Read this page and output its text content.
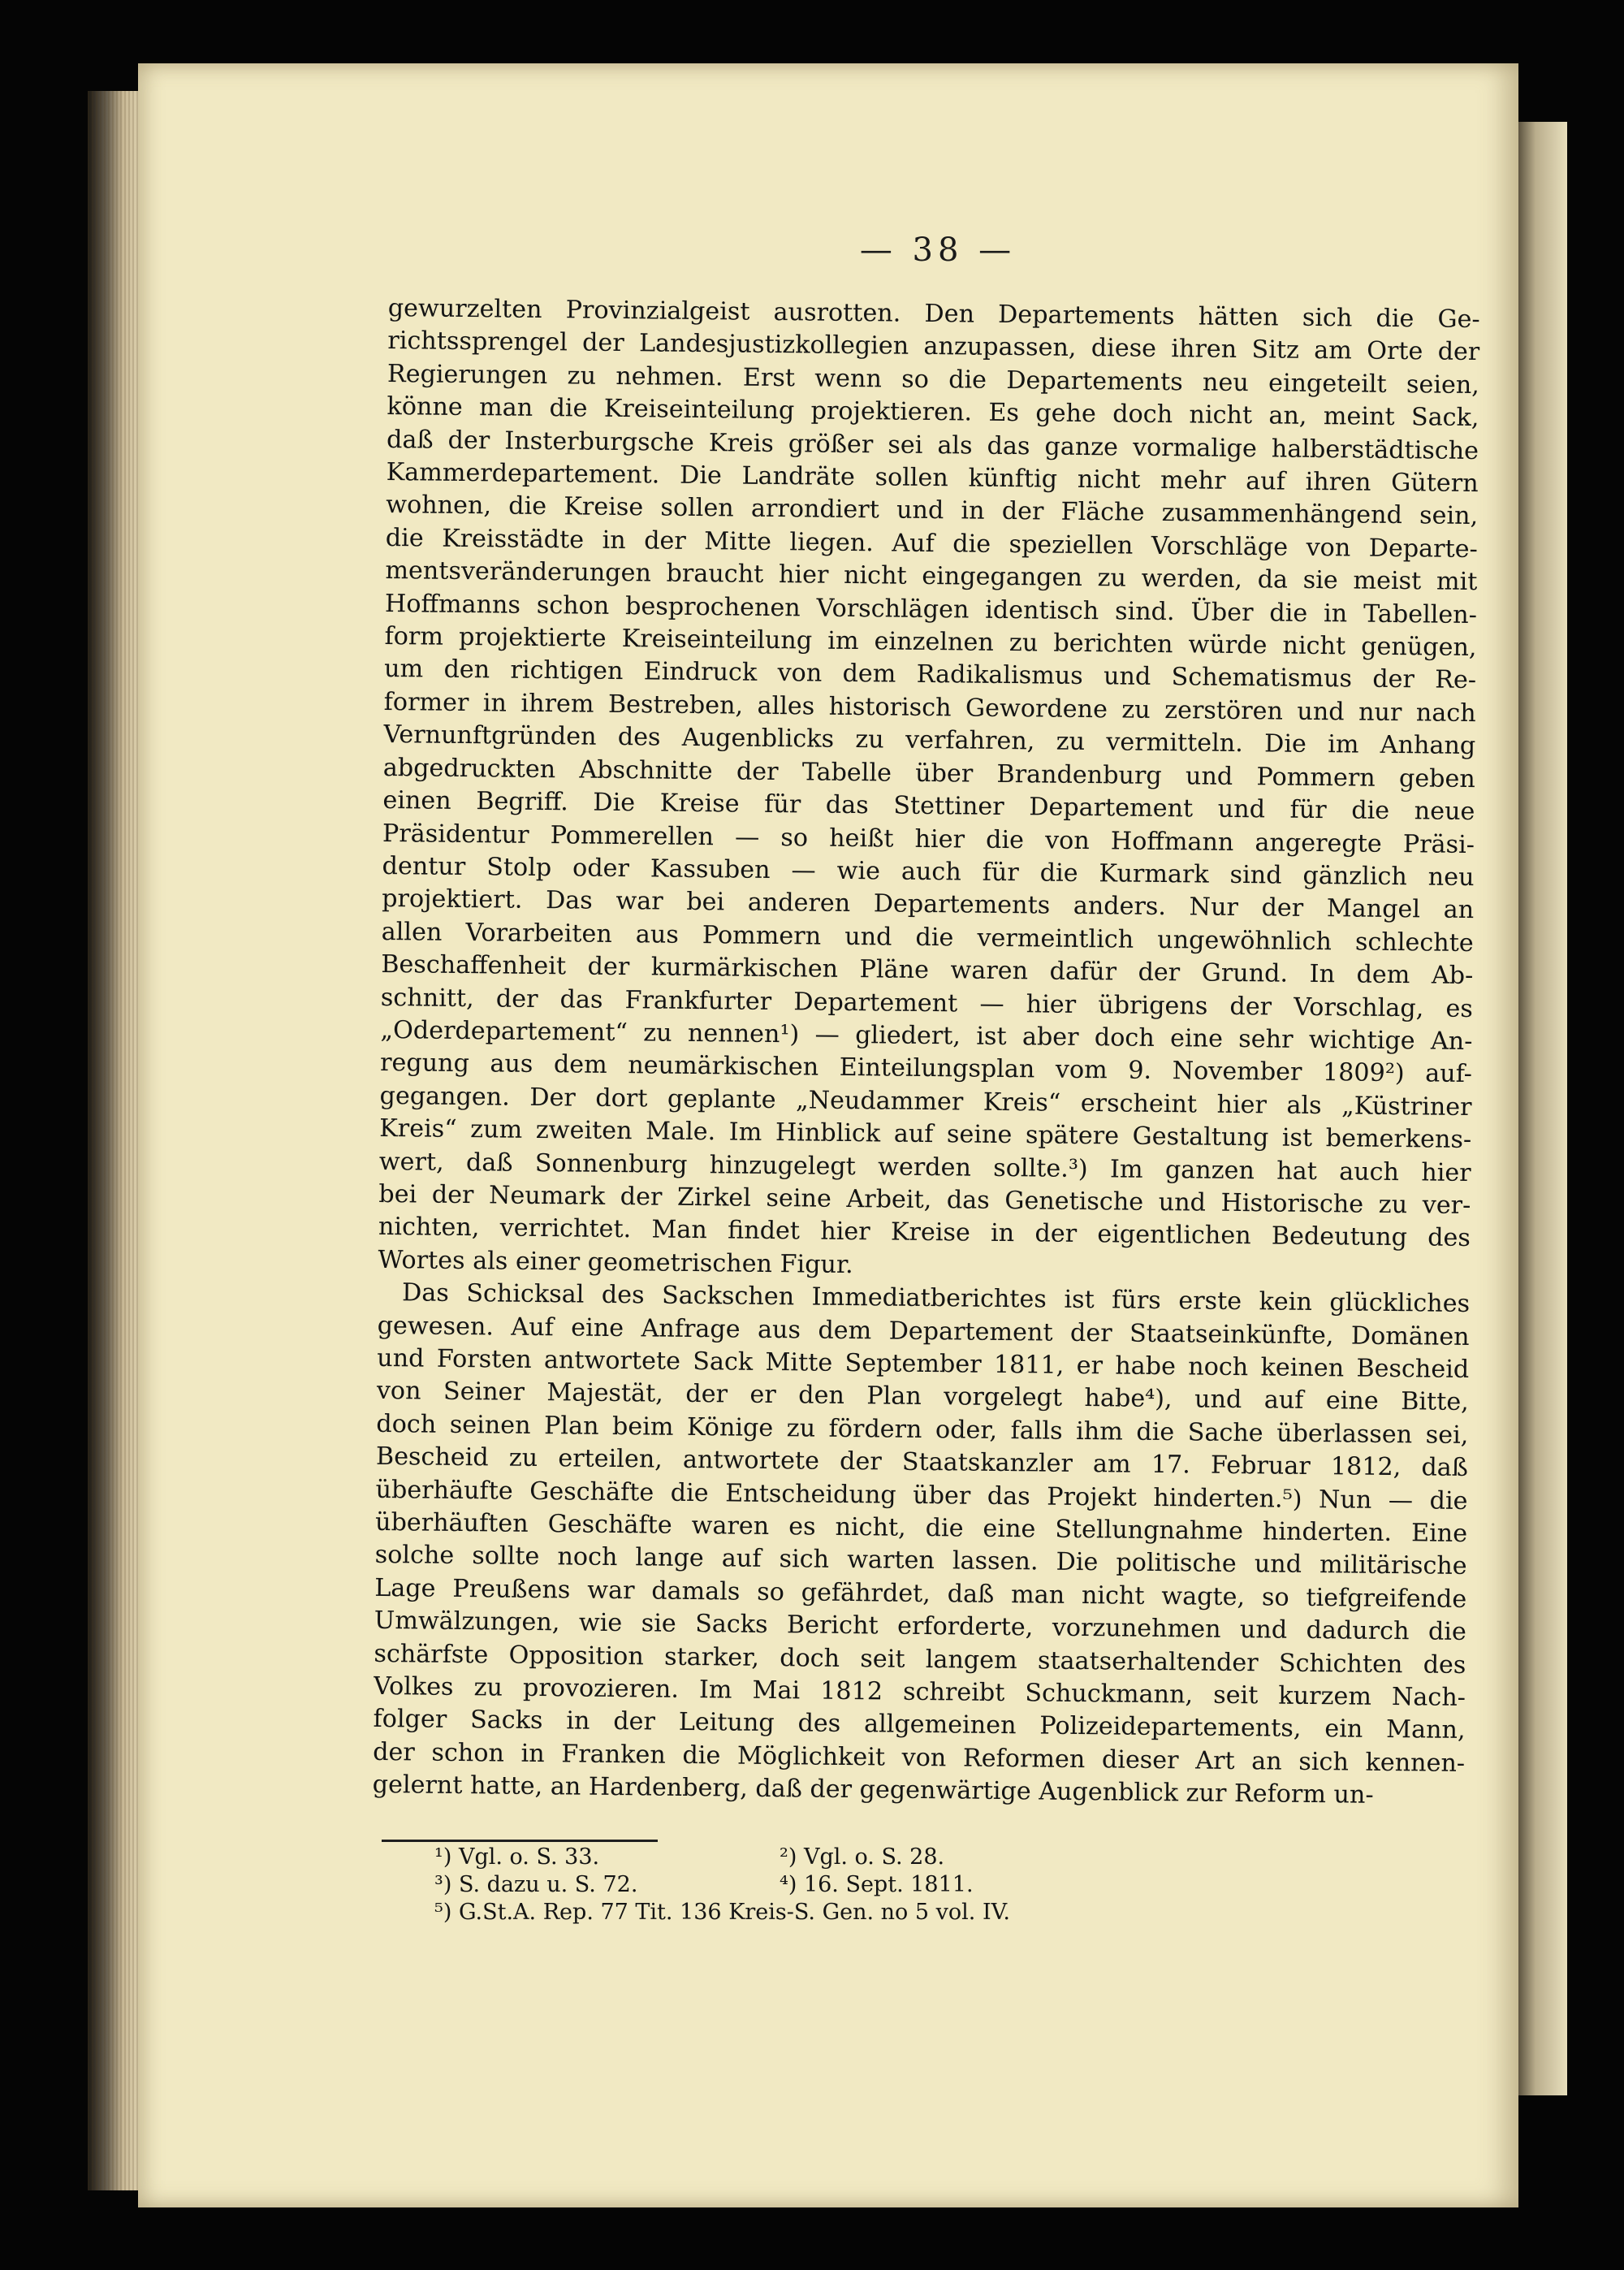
— 38 —
gewurzelten Provinzialgeist ausrotten. Den Departements hätten sich die Ge-
richtssprengel der Landesjustizkollegien anzupassen, diese ihren Sitz am Orte der
Regierungen zu nehmen. Erst wenn so die Departements neu eingeteilt seien,
könne man die Kreiseinteilung projektieren. Es gehe doch nicht an, meint Sack,
daß der Insterburgsche Kreis größer sei als das ganze vormalige halberstädtische
Kammerdepartement. Die Landräte sollen künftig nicht mehr auf ihren Gütern
wohnen, die Kreise sollen arrondiert und in der Fläche zusammenhängend sein,
die Kreisstädte in der Mitte liegen. Auf die speziellen Vorschläge von Departe-
mentsveränderungen braucht hier nicht eingegangen zu werden, da sie meist mit
Hoffmanns schon besprochenen Vorschlägen identisch sind. Über die in Tabellen-
form projektierte Kreiseinteilung im einzelnen zu berichten würde nicht genügen,
um den richtigen Eindruck von dem Radikalismus und Schematismus der Re-
former in ihrem Bestreben, alles historisch Gewordene zu zerstören und nur nach
Vernunftgründen des Augenblicks zu verfahren, zu vermitteln. Die im Anhang
abgedruckten Abschnitte der Tabelle über Brandenburg und Pommern geben
einen Begriff. Die Kreise für das Stettiner Departement und für die neue
Präsidentur Pommerellen — so heißt hier die von Hoffmann angeregte Präsi-
dentur Stolp oder Kassuben — wie auch für die Kurmark sind gänzlich neu
projektiert. Das war bei anderen Departements anders. Nur der Mangel an
allen Vorarbeiten aus Pommern und die vermeintlich ungewöhnlich schlechte
Beschaffenheit der kurmärkischen Pläne waren dafür der Grund. In dem Ab-
schnitt, der das Frankfurter Departement — hier übrigens der Vorschlag, es
„Oderdepartement“ zu nennen¹) — gliedert, ist aber doch eine sehr wichtige An-
regung aus dem neumärkischen Einteilungsplan vom 9. November 1809²) auf-
gegangen. Der dort geplante „Neudammer Kreis“ erscheint hier als „Küstriner
Kreis“ zum zweiten Male. Im Hinblick auf seine spätere Gestaltung ist bemerkens-
wert, daß Sonnenburg hinzugelegt werden sollte.³) Im ganzen hat auch hier
bei der Neumark der Zirkel seine Arbeit, das Genetische und Historische zu ver-
nichten, verrichtet. Man findet hier Kreise in der eigentlichen Bedeutung des
Wortes als einer geometrischen Figur.
Das Schicksal des Sackschen Immediatberichtes ist fürs erste kein glückliches
gewesen. Auf eine Anfrage aus dem Departement der Staatseinkünfte, Domänen
und Forsten antwortete Sack Mitte September 1811, er habe noch keinen Bescheid
von Seiner Majestät, der er den Plan vorgelegt habe⁴), und auf eine Bitte,
doch seinen Plan beim Könige zu fördern oder, falls ihm die Sache überlassen sei,
Bescheid zu erteilen, antwortete der Staatskanzler am 17. Februar 1812, daß
überhäufte Geschäfte die Entscheidung über das Projekt hinderten.⁵) Nun — die
überhäuften Geschäfte waren es nicht, die eine Stellungnahme hinderten. Eine
solche sollte noch lange auf sich warten lassen. Die politische und militärische
Lage Preußens war damals so gefährdet, daß man nicht wagte, so tiefgreifende
Umwälzungen, wie sie Sacks Bericht erforderte, vorzunehmen und dadurch die
schärfste Opposition starker, doch seit langem staatserhaltender Schichten des
Volkes zu provozieren. Im Mai 1812 schreibt Schuckmann, seit kurzem Nach-
folger Sacks in der Leitung des allgemeinen Polizeidepartements, ein Mann,
der schon in Franken die Möglichkeit von Reformen dieser Art an sich kennen-
gelernt hatte, an Hardenberg, daß der gegenwärtige Augenblick zur Reform un-
¹) Vgl. o. S. 33.	²) Vgl. o. S. 28.
³) S. dazu u. S. 72.	⁴) 16. Sept. 1811.
⁵) G.St.A. Rep. 77 Tit. 136 Kreis-S. Gen. no 5 vol. IV.
